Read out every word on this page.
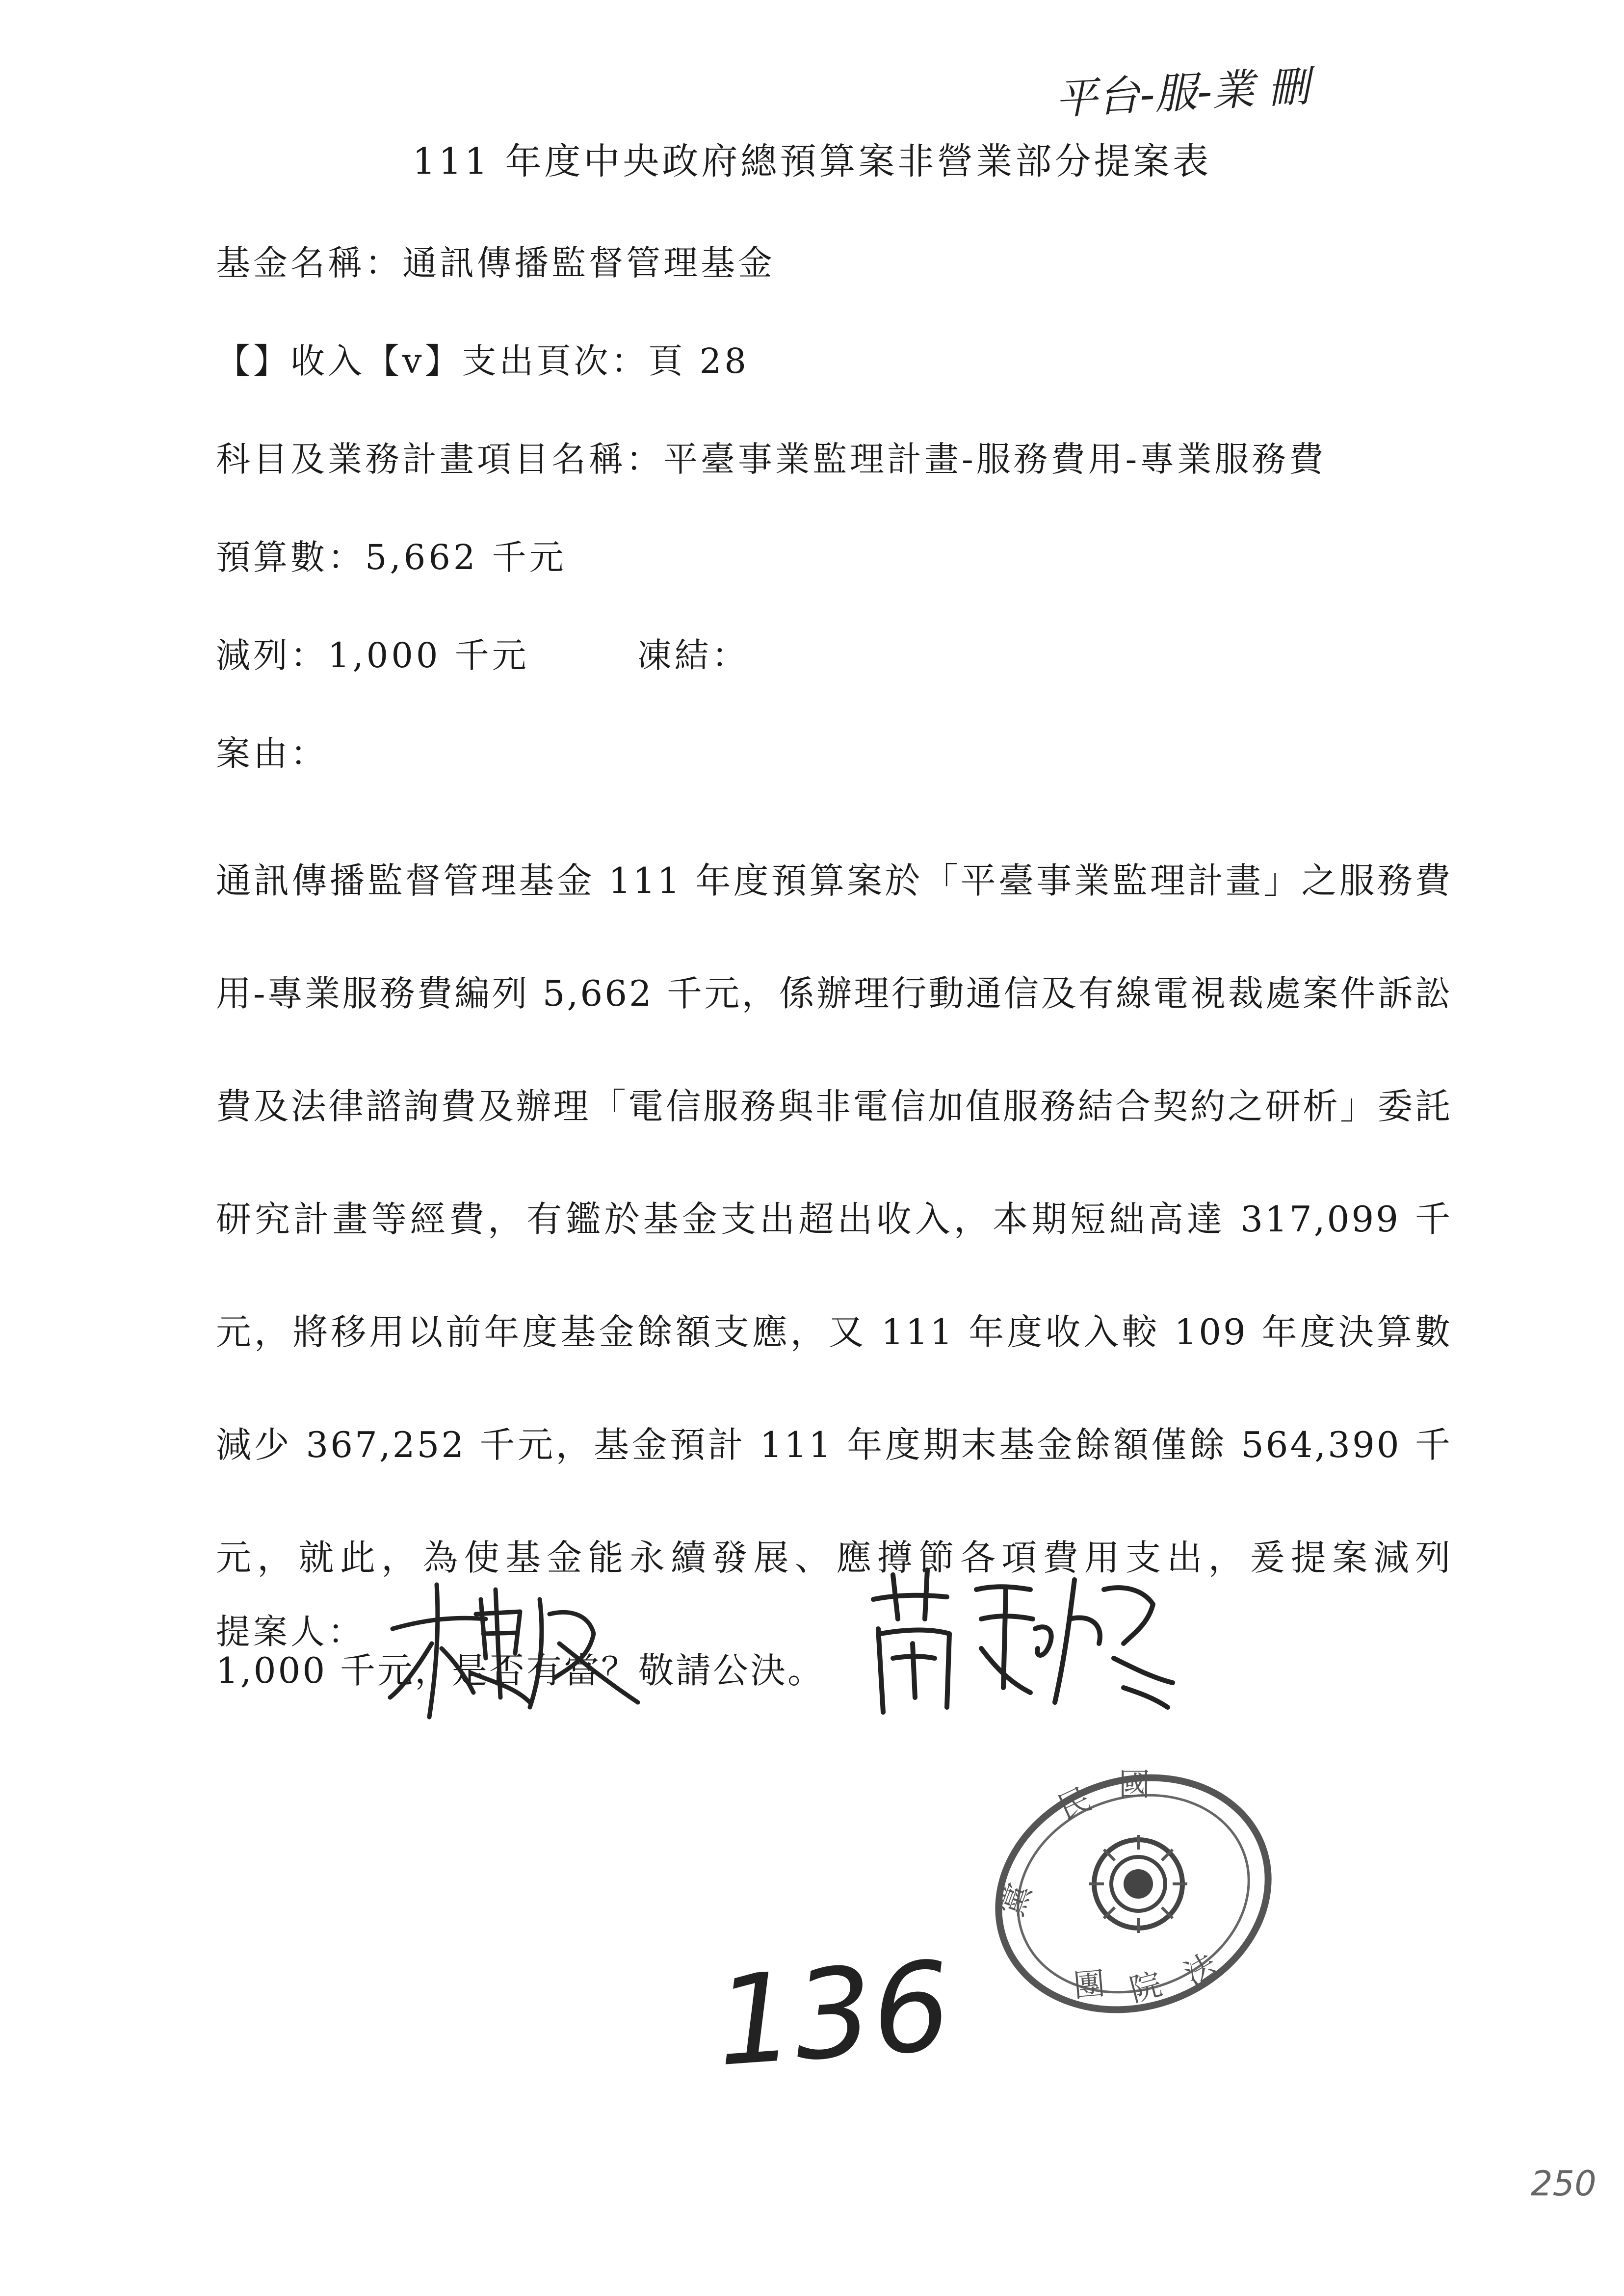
平台-服-業 刪
111 年度中央政府總預算案非營業部分提案表
基金名稱：通訊傳播監督管理基金
【】收入【v】支出頁次：頁 28
科目及業務計畫項目名稱：平臺事業監理計畫-服務費用-專業服務費
預算數：5,662 千元
減列：1,000 千元	凍結：
案由：
通訊傳播監督管理基金 111 年度預算案於「平臺事業監理計畫」之服務費用-專業服務費編列 5,662 千元，係辦理行動通信及有線電視裁處案件訴訟費及法律諮詢費及辦理「電信服務與非電信加值服務結合契約之研析」委託研究計畫等經費，有鑑於基金支出超出收入，本期短絀高達 317,099 千元，將移用以前年度基金餘額支應，又 111 年度收入較 109 年度決算數減少 367,252 千元，基金預計 111 年度期末基金餘額僅餘 564,390 千元，就此，為使基金能永續發展、應撙節各項費用支出，爰提案減列 1,000 千元，是否有當？敬請公決。
提案人：
民 國
黨
院 法
團
136
250
